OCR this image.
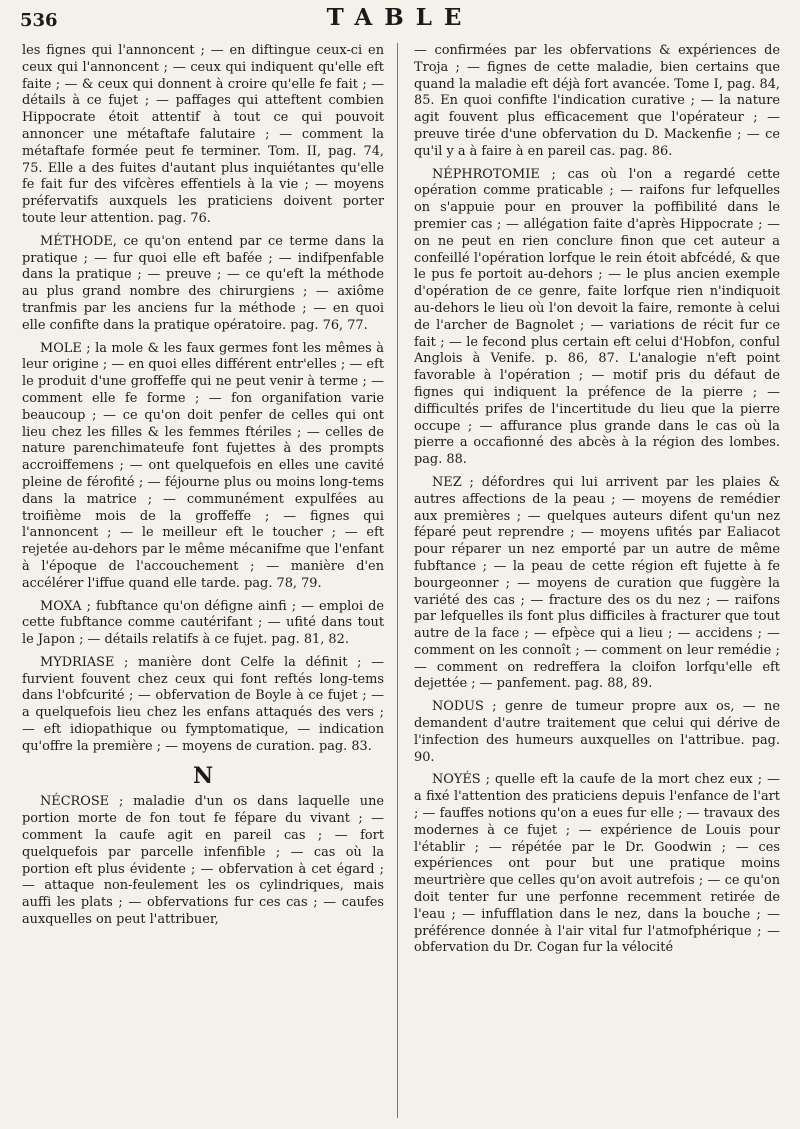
536	TABLE

les fignes qui l'annoncent ; — en diftingue ceux-ci en ceux qui l'annoncent ; — ceux qui indiquent qu'elle eft faite ; — & ceux qui donnent à croire qu'elle fe fait ; — détails à ce fujet ; — paffages qui atteftent combien Hippocrate étoit attentif à tout ce qui pouvoit annoncer une métaftafe falutaire ; — comment la métaftafe formée peut fe terminer. Tom. II, pag. 74, 75. Elle a des fuites d'autant plus inquiétantes qu'elle fe fait fur des vifcères effentiels à la vie ; — moyens préfervatifs auxquels les praticiens doivent porter toute leur attention. pag. 76.

MÉTHODE, ce qu'on entend par ce terme dans la pratique ; — fur quoi elle eft bafée ; — indifpenfable dans la pratique ; — preuve ; — ce qu'eft la méthode au plus grand nombre des chirurgiens ; — axiôme tranfmis par les anciens fur la méthode ; — en quoi elle confifte dans la pratique opératoire. pag. 76, 77.

MOLE ; la mole & les faux germes font les mêmes à leur origine ; — en quoi elles différent entr'elles ; — eft le produit d'une groffeffe qui ne peut venir à terme ; — comment elle fe forme ; — fon organifation varie beaucoup ; — ce qu'on doit penfer de celles qui ont lieu chez les filles & les femmes ftériles ; — celles de nature parenchimateufe font fujettes à des prompts accroiffemens ; — ont quelquefois en elles une cavité pleine de férofité ; — féjourne plus ou moins long-tems dans la matrice ; — communément expulfées au troifième mois de la groffeffe ; — fignes qui l'annoncent ; — le meilleur eft le toucher ; — eft rejetée au-dehors par le même mécanifme que l'enfant à l'époque de l'accouchement ; — manière d'en accélérer l'iffue quand elle tarde. pag. 78, 79.

MOXA ; fubftance qu'on défigne ainfi ; — emploi de cette fubftance comme cautérifant ; — ufité dans tout le Japon ; — détails relatifs à ce fujet. pag. 81, 82.

MYDRIASE ; manière dont Celfe la définit ; — furvient fouvent chez ceux qui font reftés long-tems dans l'obfcurité ; — obfervation de Boyle à ce fujet ; — a quelquefois lieu chez les enfans attaqués des vers ; — eft idiopathique ou fymptomatique, — indication qu'offre la première ; — moyens de curation. pag. 83.

N

NÉCROSE ; maladie d'un os dans laquelle une portion morte de fon tout fe fépare du vivant ; — comment la caufe agit en pareil cas ; — fort quelquefois par parcelle infenfible ; — cas où la portion eft plus évidente ; — obfervation à cet égard ; — attaque non-feulement les os cylindriques, mais auffi les plats ; — obfervations fur ces cas ; — caufes auxquelles on peut l'attribuer,

— confirmées par les obfervations & expériences de Troja ; — fignes de cette maladie, bien certains que quand la maladie eft déjà fort avancée. Tome I, pag. 84, 85. En quoi confifte l'indication curative ; — la nature agit fouvent plus efficacement que l'opérateur ; — preuve tirée d'une obfervation du D. Mackenfie ; — ce qu'il y a à faire à en pareil cas. pag. 86.

NÉPHROTOMIE ; cas où l'on a regardé cette opération comme praticable ; — raifons fur lefquelles on s'appuie pour en prouver la poffibilité dans le premier cas ; — allégation faite d'après Hippocrate ; — on ne peut en rien conclure finon que cet auteur a confeillé l'opération lorfque le rein étoit abfcédé, & que le pus fe portoit au-dehors ; — le plus ancien exemple d'opération de ce genre, faite lorfque rien n'indiquoit au-dehors le lieu où l'on devoit la faire, remonte à celui de l'archer de Bagnolet ; — variations de récit fur ce fait ; — le fecond plus certain eft celui d'Hobfon, conful Anglois à Venife. p. 86, 87. L'analogie n'eft point favorable à l'opération ; — motif pris du défaut de fignes qui indiquent la préfence de la pierre ; — difficultés prifes de l'incertitude du lieu que la pierre occupe ; — affurance plus grande dans le cas où la pierre a occafionné des abcès à la région des lombes. pag. 88.

NEZ ; défordres qui lui arrivent par les plaies & autres affections de la peau ; — moyens de remédier aux premières ; — quelques auteurs difent qu'un nez féparé peut reprendre ; — moyens ufités par Ealiacot pour réparer un nez emporté par un autre de même fubftance ; — la peau de cette région eft fujette à fe bourgeonner ; — moyens de curation que fuggère la variété des cas ; — fracture des os du nez ; — raifons par lefquelles ils font plus difficiles à fracturer que tout autre de la face ; — efpèce qui a lieu ; — accidens ; — comment on les connoît ; — comment on leur remédie ; — comment on redreffera la cloifon lorfqu'elle eft dejettée ; — panfement. pag. 88, 89.

NODUS ; genre de tumeur propre aux os, — ne demandent d'autre traitement que celui qui dérive de l'infection des humeurs auxquelles on l'attribue. pag. 90.

NOYÉS ; quelle eft la caufe de la mort chez eux ; — a fixé l'attention des praticiens depuis l'enfance de l'art ; — fauffes notions qu'on a eues fur elle ; — travaux des modernes à ce fujet ; — expérience de Louis pour l'établir ; — répétée par le Dr. Goodwin ; — ces expériences ont pour but une pratique moins meurtrière que celles qu'on avoit autrefois ; — ce qu'on doit tenter fur une perfonne recemment retirée de l'eau ; — infufflation dans le nez, dans la bouche ; — préférence donnée à l'air vital fur l'atmofphérique ; — obfervation du Dr. Cogan fur la vélocité
